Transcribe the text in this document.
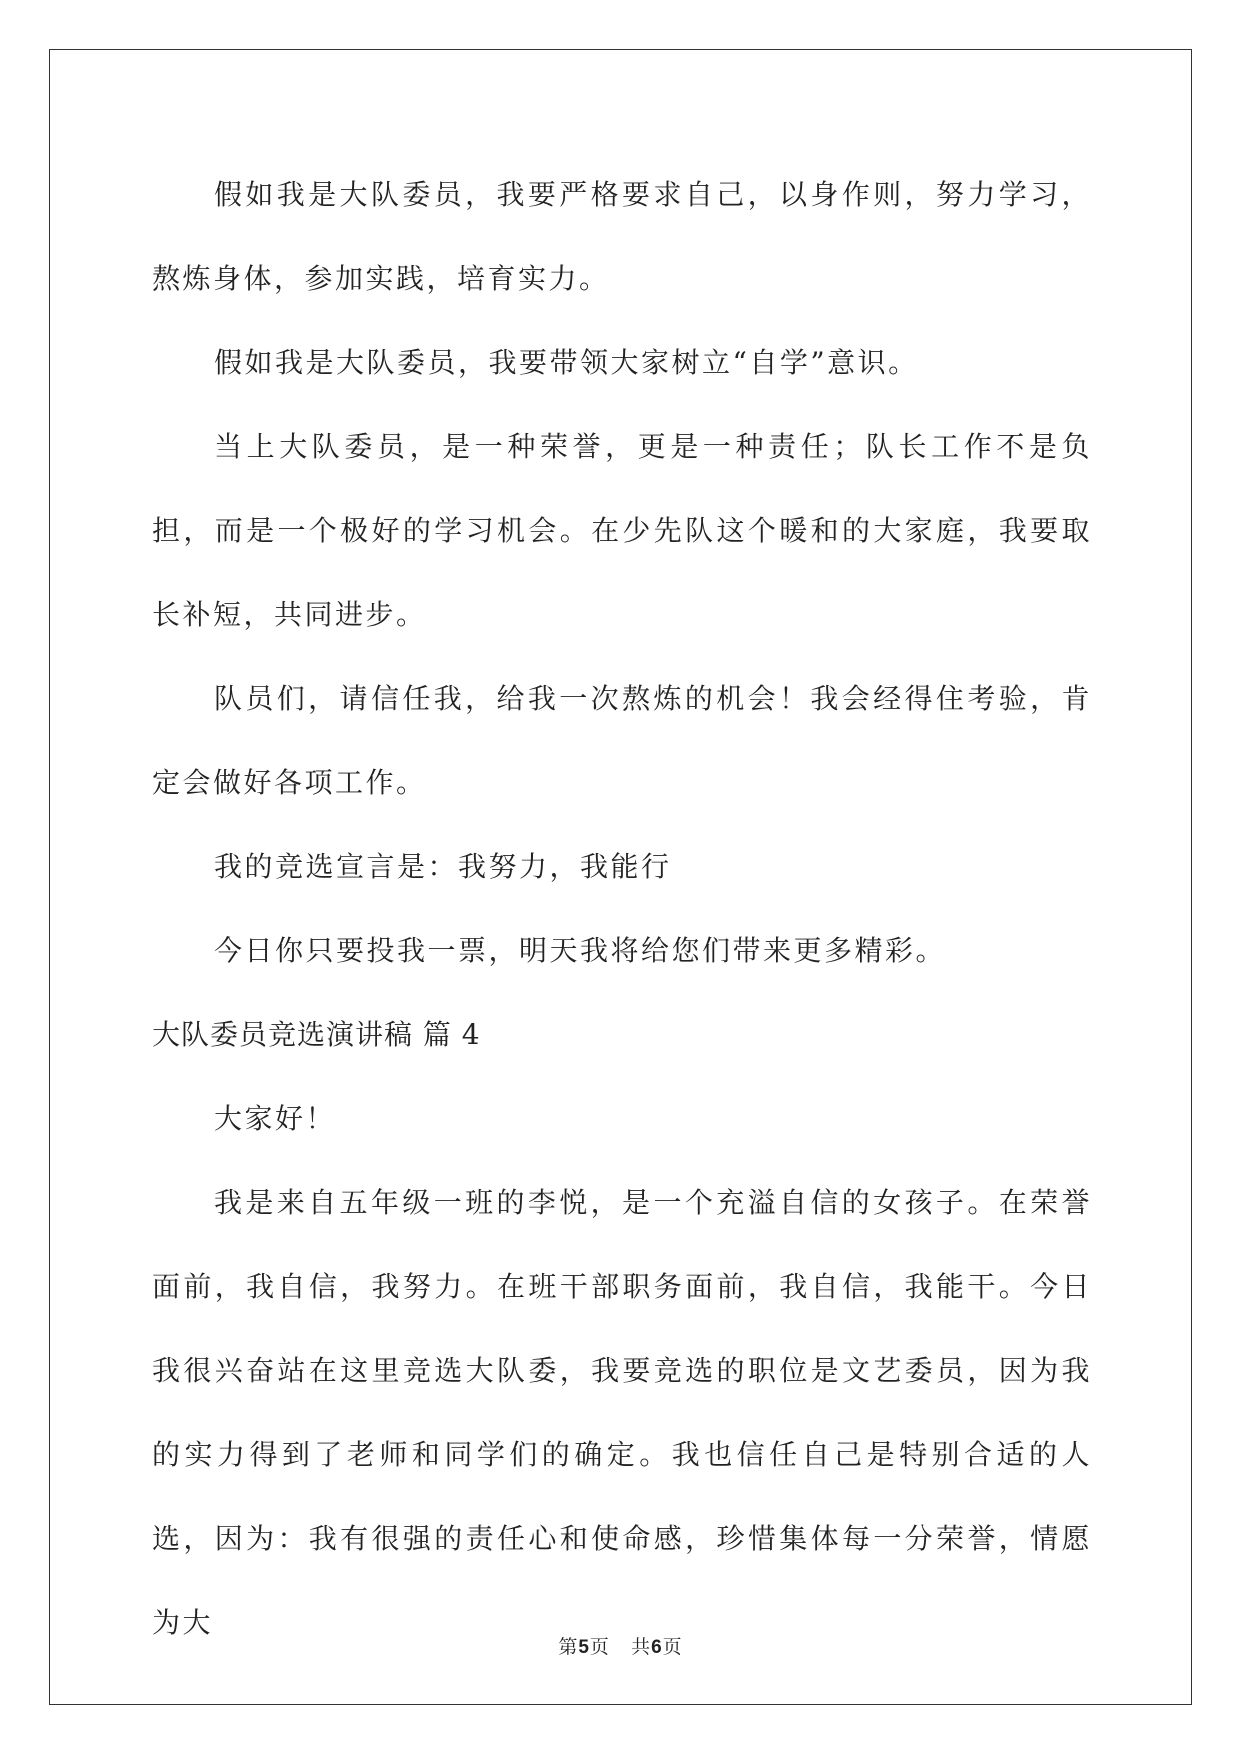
假如我是大队委员，我要严格要求自己，以身作则，努力学习，熬炼身体，参加实践，培育实力。

假如我是大队委员，我要带领大家树立“自学”意识。

当上大队委员，是一种荣誉，更是一种责任；队长工作不是负担，而是一个极好的学习机会。在少先队这个暖和的大家庭，我要取长补短，共同进步。

队员们，请信任我，给我一次熬炼的机会！我会经得住考验，肯定会做好各项工作。

我的竞选宣言是：我努力，我能行

今日你只要投我一票，明天我将给您们带来更多精彩。

大队委员竞选演讲稿 篇 4

大家好！

我是来自五年级一班的李悦，是一个充溢自信的女孩子。在荣誉面前，我自信，我努力。在班干部职务面前，我自信，我能干。今日我很兴奋站在这里竞选大队委，我要竞选的职位是文艺委员，因为我的实力得到了老师和同学们的确定。我也信任自己是特别合适的人选，因为：我有很强的责任心和使命感，珍惜集体每一分荣誉，情愿为大

第5页 共6页
